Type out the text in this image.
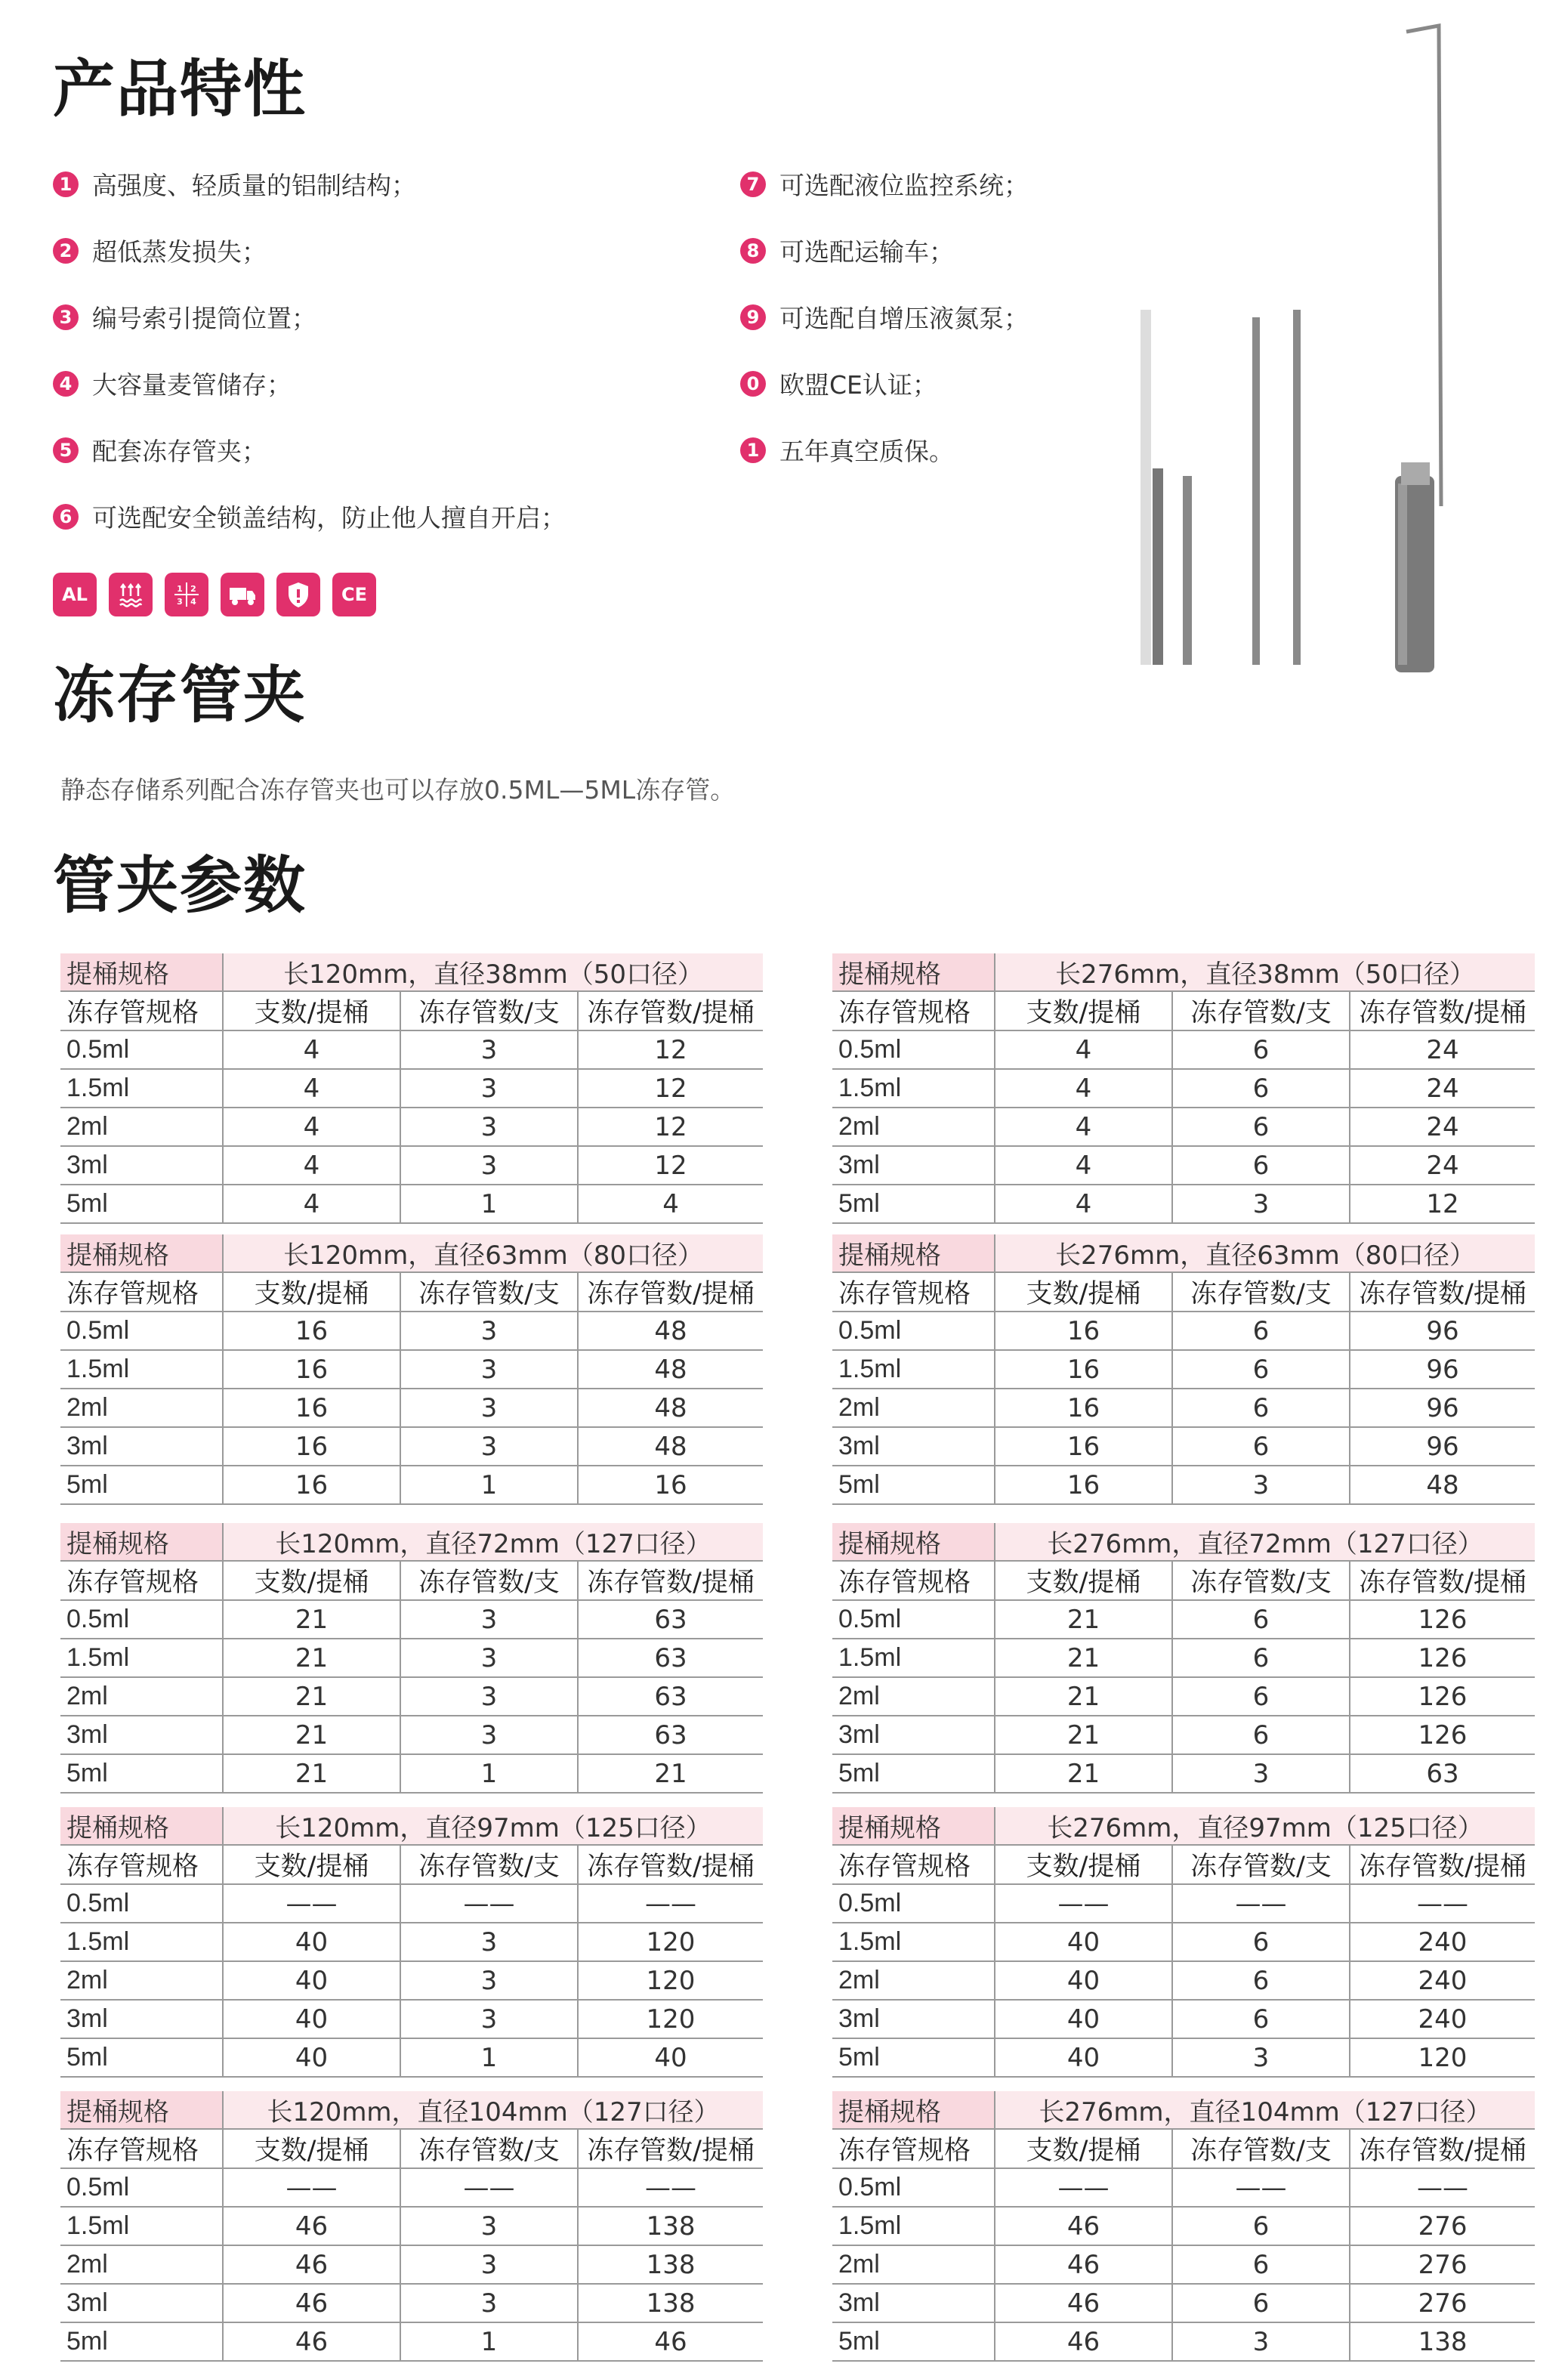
产品特性
冻存管夹
管夹参数
1 高强度、轻质量的铝制结构；
2 超低蒸发损失；
3 编号索引提筒位置；
4 大容量麦管储存；
5 配套冻存管夹；
6 可选配安全锁盖结构，防止他人擅自开启；
7 可选配液位监控系统；
8 可选配运输车；
9 可选配自增压液氮泵；
0 欧盟CE认证；
1 五年真空质保。
AL	1 2
3 4	CE
静态存储系列配合冻存管夹也可以存放0.5ML—5ML冻存管。
提桶规格	长120mm，直径38mm（50口径）		
冻存管规格	支数/提桶	冻存管数/支	冻存管数/提桶
0.5ml	4	3	12
1.5ml	4	3	12
2ml	4	3	12
3ml	4	3	12
5ml	4	1	4
提桶规格	长276mm，直径38mm（50口径）		
冻存管规格	支数/提桶	冻存管数/支	冻存管数/提桶
0.5ml	4	6	24
1.5ml	4	6	24
2ml	4	6	24
3ml	4	6	24
5ml	4	3	12
提桶规格	长120mm，直径63mm（80口径）		
冻存管规格	支数/提桶	冻存管数/支	冻存管数/提桶
0.5ml	16	3	48
1.5ml	16	3	48
2ml	16	3	48
3ml	16	3	48
5ml	16	1	16
提桶规格	长276mm，直径63mm（80口径）		
冻存管规格	支数/提桶	冻存管数/支	冻存管数/提桶
0.5ml	16	6	96
1.5ml	16	6	96
2ml	16	6	96
3ml	16	6	96
5ml	16	3	48
提桶规格	长120mm，直径72mm（127口径）		
冻存管规格	支数/提桶	冻存管数/支	冻存管数/提桶
0.5ml	21	3	63
1.5ml	21	3	63
2ml	21	3	63
3ml	21	3	63
5ml	21	1	21
提桶规格	长276mm，直径72mm（127口径）		
冻存管规格	支数/提桶	冻存管数/支	冻存管数/提桶
0.5ml	21	6	126
1.5ml	21	6	126
2ml	21	6	126
3ml	21	6	126
5ml	21	3	63
提桶规格	长120mm，直径97mm（125口径）		
冻存管规格	支数/提桶	冻存管数/支	冻存管数/提桶
0.5ml	——	——	——
1.5ml	40	3	120
2ml	40	3	120
3ml	40	3	120
5ml	40	1	40
提桶规格	长276mm，直径97mm（125口径）		
冻存管规格	支数/提桶	冻存管数/支	冻存管数/提桶
0.5ml	——	——	——
1.5ml	40	6	240
2ml	40	6	240
3ml	40	6	240
5ml	40	3	120
提桶规格	长120mm，直径104mm（127口径）		
冻存管规格	支数/提桶	冻存管数/支	冻存管数/提桶
0.5ml	——	——	——
1.5ml	46	3	138
2ml	46	3	138
3ml	46	3	138
5ml	46	1	46
提桶规格	长276mm，直径104mm（127口径）		
冻存管规格	支数/提桶	冻存管数/支	冻存管数/提桶
0.5ml	——	——	——
1.5ml	46	6	276
2ml	46	6	276
3ml	46	6	276
5ml	46	3	138
